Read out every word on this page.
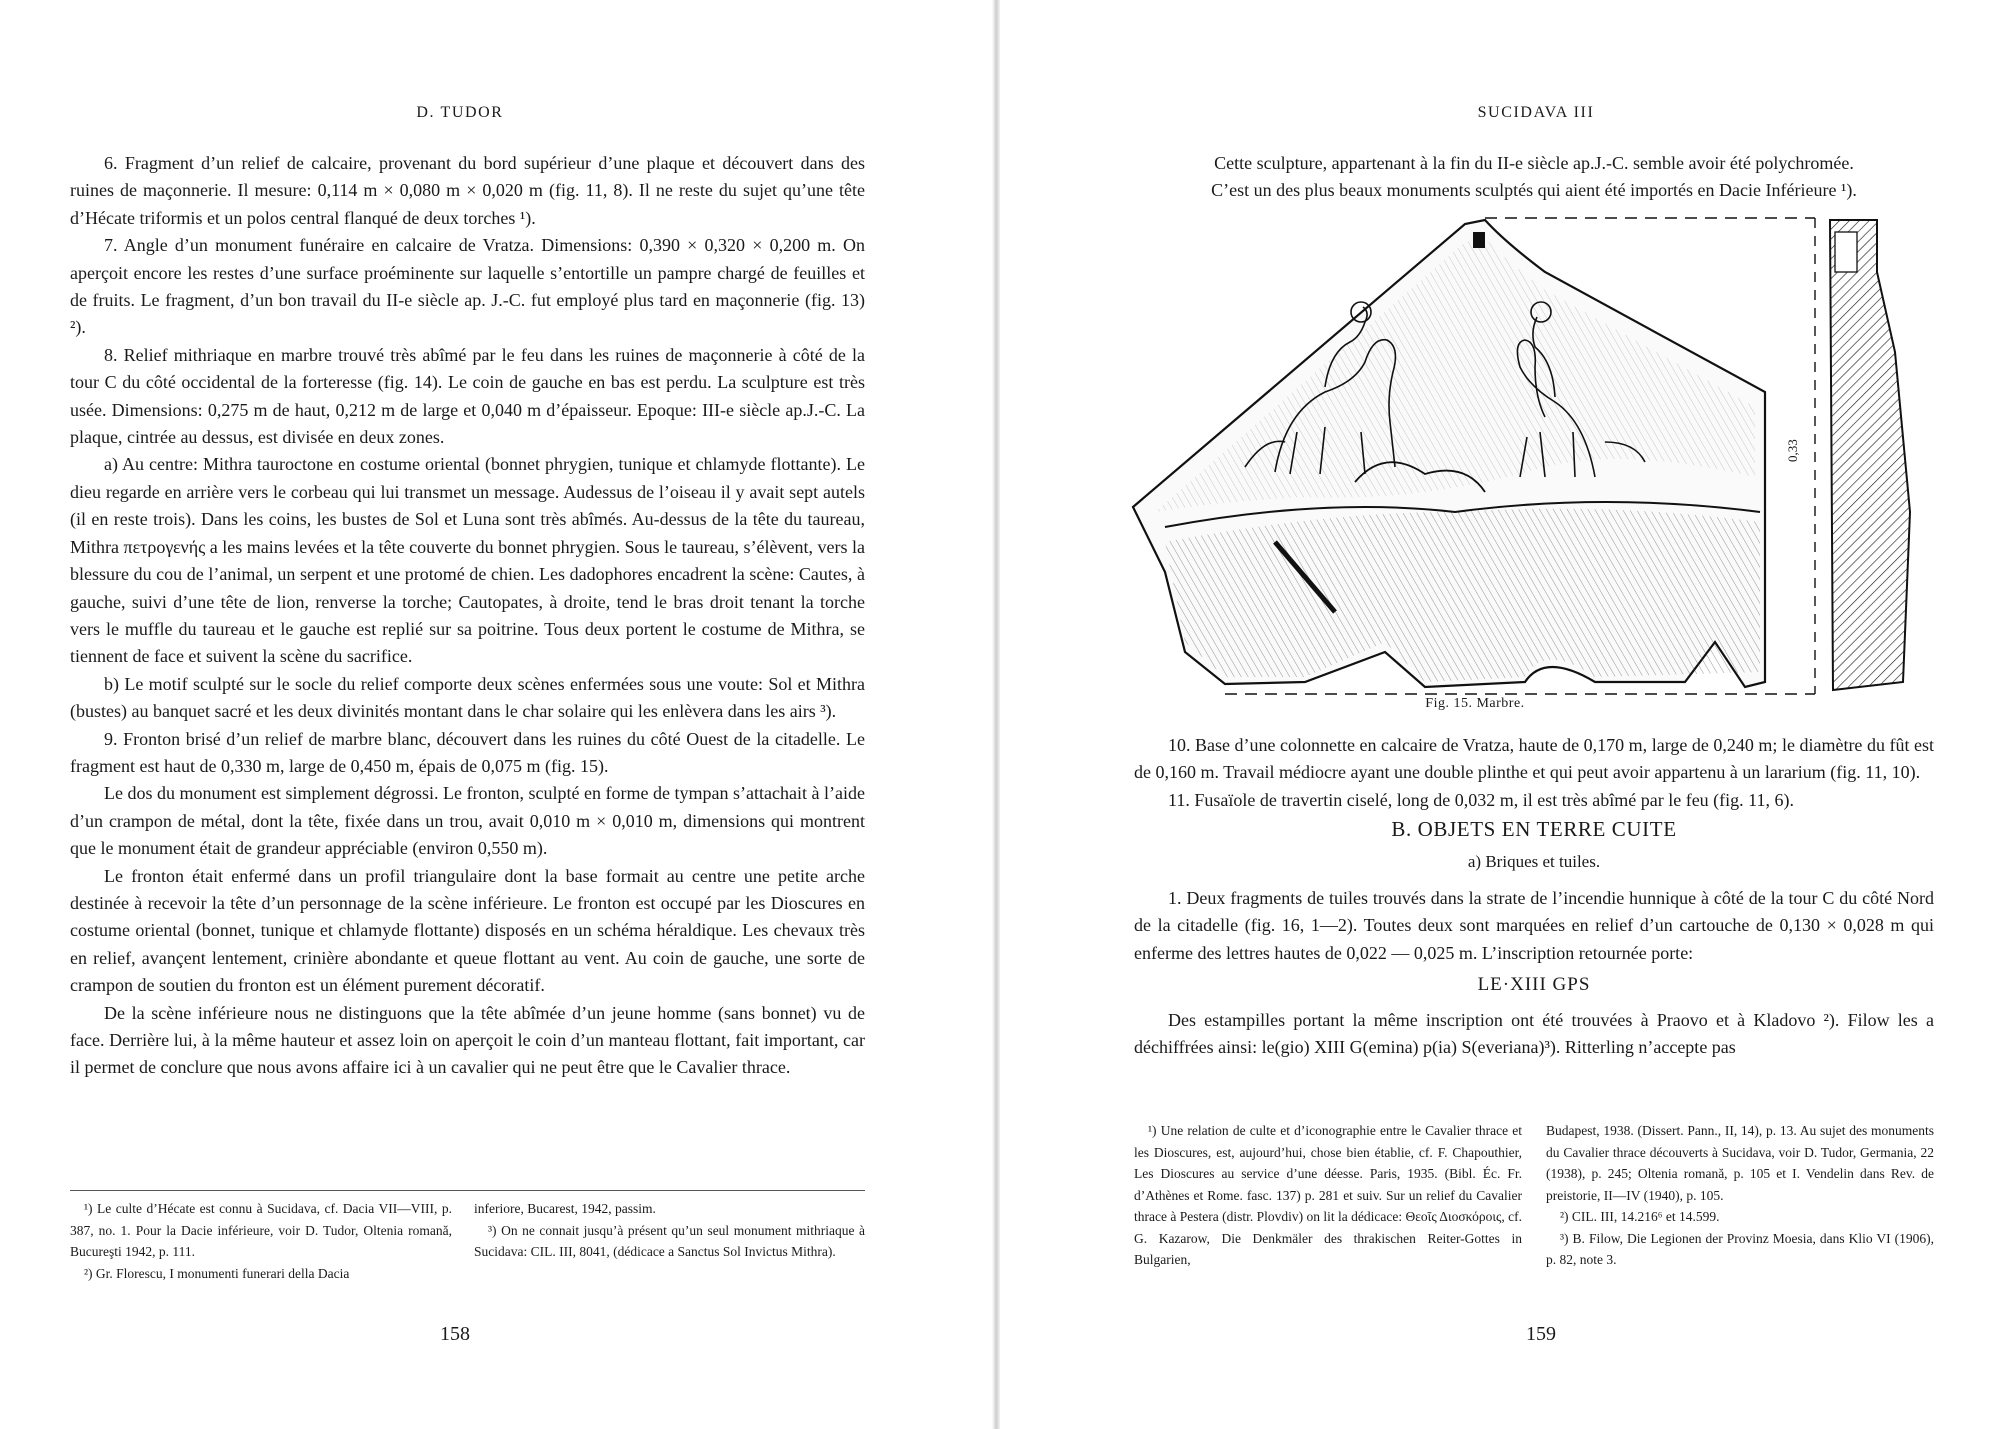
D. TUDOR

6. Fragment d’un relief de calcaire, provenant du bord supérieur d’une plaque et découvert dans des ruines de maçonnerie. Il mesure: 0,114 m × 0,080 m × 0,020 m (fig. 11, 8). Il ne reste du sujet qu’une tête d’Hécate triformis et un polos central flanqué de deux torches ¹).

7. Angle d’un monument funéraire en calcaire de Vratza. Dimensions: 0,390 × 0,320 × 0,200 m. On aperçoit encore les restes d’une surface proéminente sur laquelle s’entortille un pampre chargé de feuilles et de fruits. Le fragment, d’un bon travail du II-e siècle ap. J.-C. fut employé plus tard en maçonnerie (fig. 13) ²).

8. Relief mithriaque en marbre trouvé très abîmé par le feu dans les ruines de maçonnerie à côté de la tour C du côté occidental de la forteresse (fig. 14). Le coin de gauche en bas est perdu. La sculpture est très usée. Dimensions: 0,275 m de haut, 0,212 m de large et 0,040 m d’épaisseur. Epoque: III-e siècle ap.J.-C. La plaque, cintrée au dessus, est divisée en deux zones.

a) Au centre: Mithra tauroctone en costume oriental (bonnet phrygien, tunique et chlamyde flottante). Le dieu regarde en arrière vers le corbeau qui lui transmet un message. Audessus de l’oiseau il y avait sept autels (il en reste trois). Dans les coins, les bustes de Sol et Luna sont très abîmés. Au-dessus de la tête du taureau, Mithra πετρογενής a les mains levées et la tête couverte du bonnet phrygien. Sous le taureau, s’élèvent, vers la blessure du cou de l’animal, un serpent et une protomé de chien. Les dadophores encadrent la scène: Cautes, à gauche, suivi d’une tête de lion, renverse la torche; Cautopates, à droite, tend le bras droit tenant la torche vers le muffle du taureau et le gauche est replié sur sa poitrine. Tous deux portent le costume de Mithra, se tiennent de face et suivent la scène du sacrifice.

b) Le motif sculpté sur le socle du relief comporte deux scènes enfermées sous une voute: Sol et Mithra (bustes) au banquet sacré et les deux divinités montant dans le char solaire qui les enlèvera dans les airs ³).

9. Fronton brisé d’un relief de marbre blanc, découvert dans les ruines du côté Ouest de la citadelle. Le fragment est haut de 0,330 m, large de 0,450 m, épais de 0,075 m (fig. 15).

Le dos du monument est simplement dégrossi. Le fronton, sculpté en forme de tympan s’attachait à l’aide d’un crampon de métal, dont la tête, fixée dans un trou, avait 0,010 m × 0,010 m, dimensions qui montrent que le monument était de grandeur appréciable (environ 0,550 m).

Le fronton était enfermé dans un profil triangulaire dont la base formait au centre une petite arche destinée à recevoir la tête d’un personnage de la scène inférieure. Le fronton est occupé par les Dioscures en costume oriental (bonnet, tunique et chlamyde flottante) disposés en un schéma héraldique. Les chevaux très en relief, avançent lentement, crinière abondante et queue flottant au vent. Au coin de gauche, une sorte de crampon de soutien du fronton est un élément purement décoratif.

De la scène inférieure nous ne distinguons que la tête abîmée d’un jeune homme (sans bonnet) vu de face. Derrière lui, à la même hauteur et assez loin on aperçoit le coin d’un manteau flottant, fait important, car il permet de conclure que nous avons affaire ici à un cavalier qui ne peut être que le Cavalier thrace.

¹) Le culte d’Hécate est connu à Sucidava, cf. Dacia VII—VIII, p. 387, no. 1. Pour la Dacie inférieure, voir D. Tudor, Oltenia romană, Bucureşti 1942, p. 111.

²) Gr. Florescu, I monumenti funerari della Dacia

inferiore, Bucarest, 1942, passim.

³) On ne connait jusqu’à présent qu’un seul monument mithriaque à Sucidava: CIL. III, 8041, (dédicace a Sanctus Sol Invictus Mithra).

158
SUCIDAVA III

Cette sculpture, appartenant à la fin du II-e siècle ap.J.-C. semble avoir été polychromée.

C’est un des plus beaux monuments sculptés qui aient été importés en Dacie Inférieure ¹).

0,33
Fig. 15. Marbre.

10. Base d’une colonnette en calcaire de Vratza, haute de 0,170 m, large de 0,240 m; le diamètre du fût est de 0,160 m. Travail médiocre ayant une double plinthe et qui peut avoir appartenu à un lararium (fig. 11, 10).

11. Fusaïole de travertin ciselé, long de 0,032 m, il est très abîmé par le feu (fig. 11, 6).

B. OBJETS EN TERRE CUITE
a) Briques et tuiles.

1. Deux fragments de tuiles trouvés dans la strate de l’incendie hunnique à côté de la tour C du côté Nord de la citadelle (fig. 16, 1—2). Toutes deux sont marquées en relief d’un cartouche de 0,130 × 0,028 m qui enferme des lettres hautes de 0,022 — 0,025 m. L’inscription retournée porte:

LE·XIII GPS

Des estampilles portant la même inscription ont été trouvées à Praovo et à Kladovo ²). Filow les a déchiffrées ainsi: le(gio) XIII G(emina) p(ia) S(everiana)³). Ritterling n’accepte pas

¹) Une relation de culte et d’iconographie entre le Cavalier thrace et les Dioscures, est, aujourd’hui, chose bien établie, cf. F. Chapouthier, Les Dioscures au service d’une déesse. Paris, 1935. (Bibl. Éc. Fr. d’Athènes et Rome. fasc. 137) p. 281 et suiv. Sur un relief du Cavalier thrace à Pestera (distr. Plovdiv) on lit la dédicace: Θεοῖς Διοσκόροις, cf. G. Kazarow, Die Denkmäler des thrakischen Reiter-Gottes in Bulgarien,

Budapest, 1938. (Dissert. Pann., II, 14), p. 13. Au sujet des monuments du Cavalier thrace découverts à Sucidava, voir D. Tudor, Germania, 22 (1938), p. 245; Oltenia romană, p. 105 et I. Vendelin dans Rev. de preistorie, II—IV (1940), p. 105.

²) CIL. III, 14.216⁶ et 14.599.

³) B. Filow, Die Legionen der Provinz Moesia, dans Klio VI (1906), p. 82, note 3.

159
